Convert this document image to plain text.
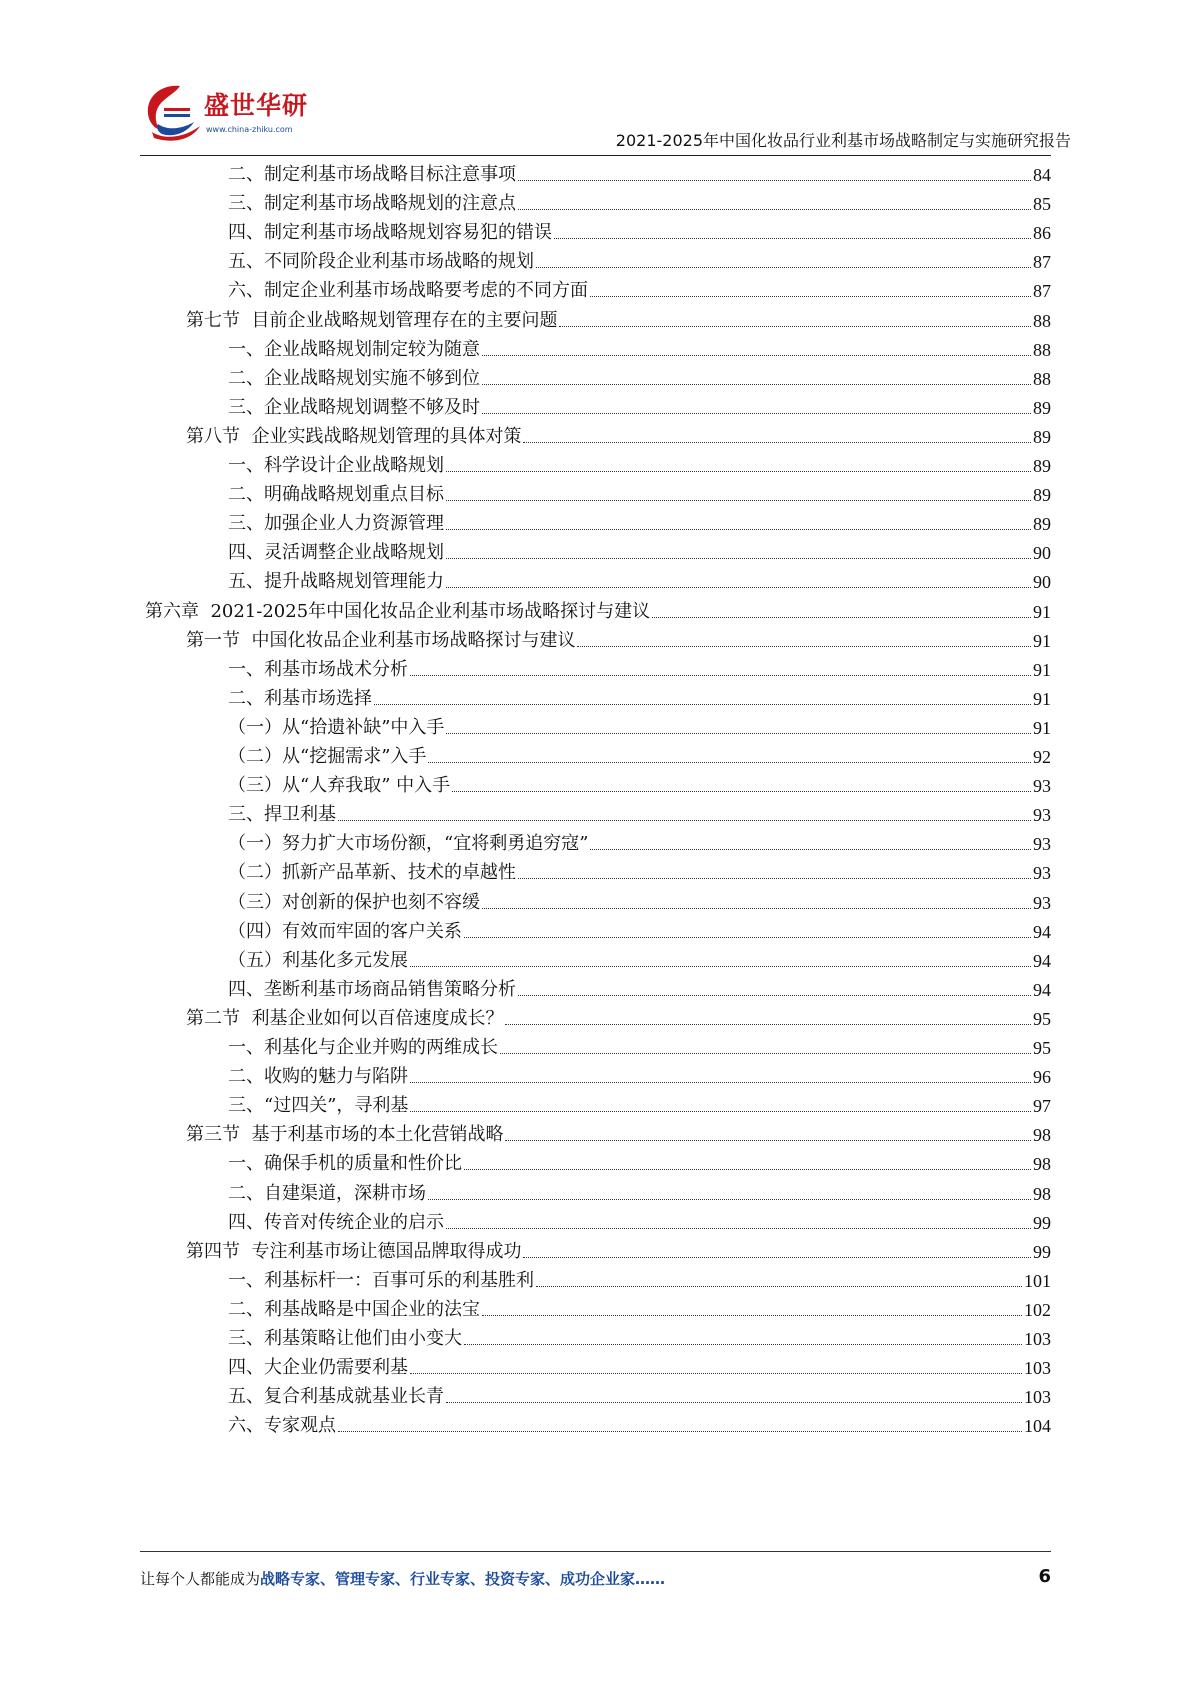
盛世华研
www.china-zhiku.com
2021-2025年中国化妆品行业利基市场战略制定与实施研究报告
二、制定利基市场战略目标注意事项	84
三、制定利基市场战略规划的注意点	85
四、制定利基市场战略规划容易犯的错误	86
五、不同阶段企业利基市场战略的规划	87
六、制定企业利基市场战略要考虑的不同方面	87
第七节  目前企业战略规划管理存在的主要问题	88
一、企业战略规划制定较为随意	88
二、企业战略规划实施不够到位	88
三、企业战略规划调整不够及时	89
第八节  企业实践战略规划管理的具体对策	89
一、科学设计企业战略规划	89
二、明确战略规划重点目标	89
三、加强企业人力资源管理	89
四、灵活调整企业战略规划	90
五、提升战略规划管理能力	90
第六章  2021-2025年中国化妆品企业利基市场战略探讨与建议	91
第一节  中国化妆品企业利基市场战略探讨与建议	91
一、利基市场战术分析	91
二、利基市场选择	91
（一）从“拾遗补缺”中入手	91
（二）从“挖掘需求”入手	92
（三）从“人弃我取” 中入手	93
三、捍卫利基	93
（一）努力扩大市场份额，“宜将剩勇追穷寇”	93
（二）抓新产品革新、技术的卓越性	93
（三）对创新的保护也刻不容缓	93
（四）有效而牢固的客户关系	94
（五）利基化多元发展	94
四、垄断利基市场商品销售策略分析	94
第二节  利基企业如何以百倍速度成长？	95
一、利基化与企业并购的两维成长	95
二、收购的魅力与陷阱	96
三、“过四关”，寻利基	97
第三节  基于利基市场的本土化营销战略	98
一、确保手机的质量和性价比	98
二、自建渠道，深耕市场	98
四、传音对传统企业的启示	99
第四节  专注利基市场让德国品牌取得成功	99
一、利基标杆一：百事可乐的利基胜利	101
二、利基战略是中国企业的法宝	102
三、利基策略让他们由小变大	103
四、大企业仍需要利基	103
五、复合利基成就基业长青	103
六、专家观点	104
让每个人都能成为战略专家、管理专家、行业专家、投资专家、成功企业家……	6
